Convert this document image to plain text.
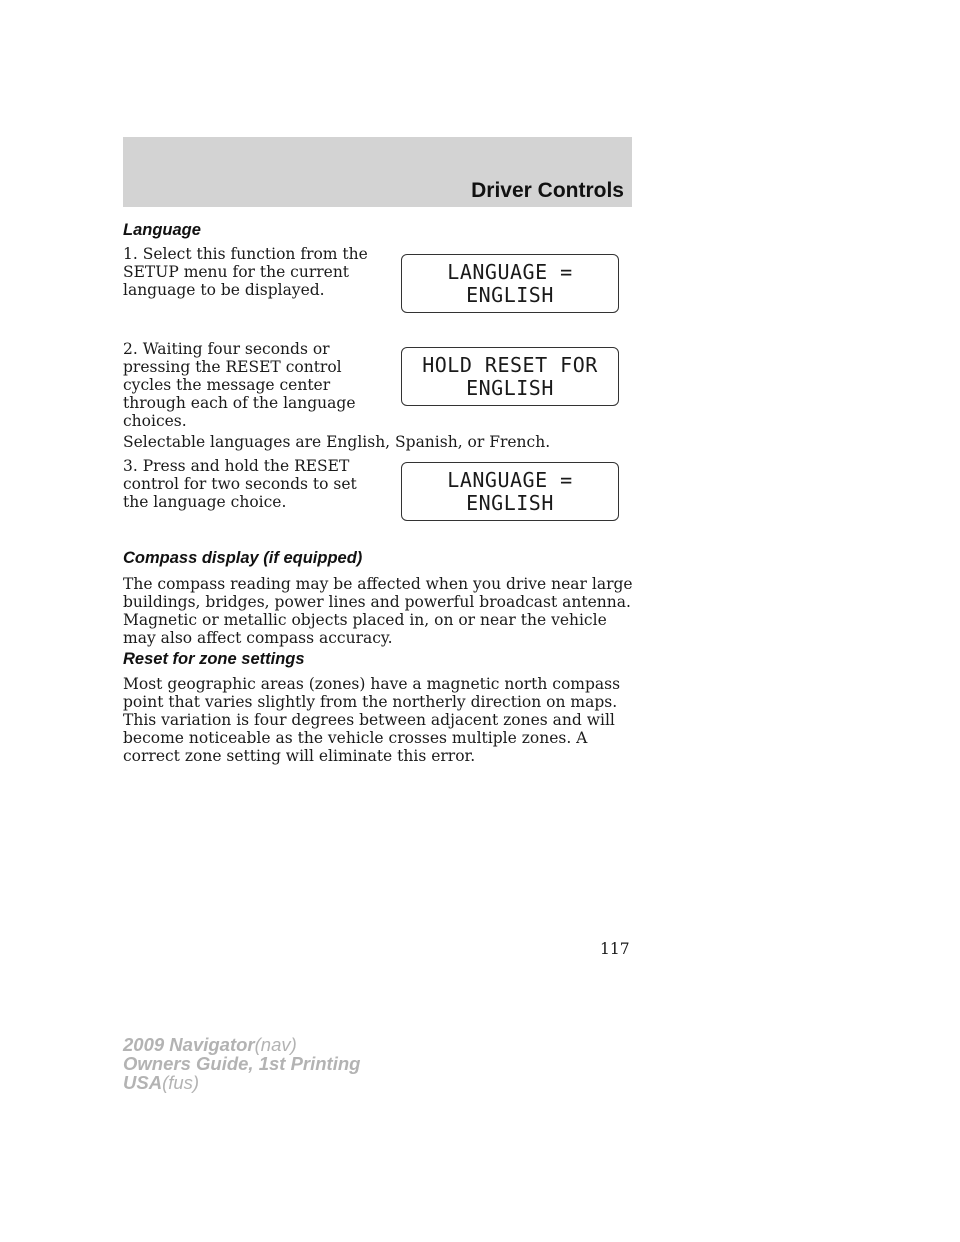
Driver Controls
Language

1. Select this function from the SETUP menu for the current language to be displayed.

LANGUAGE =
ENGLISH

2. Waiting four seconds or pressing the RESET control cycles the message center through each of the language choices.

HOLD RESET FOR
ENGLISH

Selectable languages are English, Spanish, or French.

3. Press and hold the RESET control for two seconds to set the language choice.

LANGUAGE =
ENGLISH
Compass display (if equipped)

The compass reading may be affected when you drive near large buildings, bridges, power lines and powerful broadcast antenna. Magnetic or metallic objects placed in, on or near the vehicle may also affect compass accuracy.

Reset for zone settings

Most geographic areas (zones) have a magnetic north compass point that varies slightly from the northerly direction on maps. This variation is four degrees between adjacent zones and will become noticeable as the vehicle crosses multiple zones. A correct zone setting will eliminate this error.

117
2009 Navigator(nav)
Owners Guide, 1st Printing
USA(fus)
